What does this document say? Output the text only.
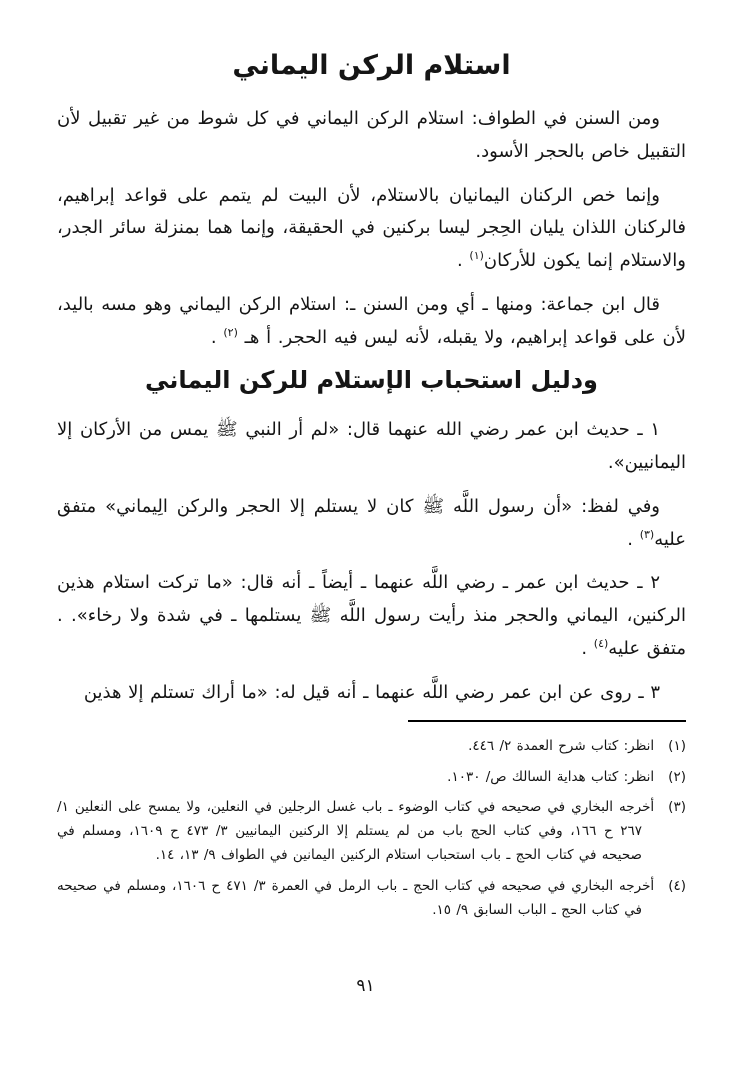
استلام الركن اليماني

ومن السنن في الطواف: استلام الركن اليماني في كل شوط من غير تقبيل لأن التقبيل خاص بالحجر الأسود.

وإنما خص الركنان اليمانيان بالاستلام، لأن البيت لم يتمم على قواعد إبراهيم، فالركنان اللذان يليان الحِجر ليسا بركنين في الحقيقة، وإنما هما بمنزلة سائر الجدر، والاستلام إنما يكون للأركان$^{(١)}$ .

قال ابن جماعة: ومنها ـ أي ومن السنن ـ: استلام الركن اليماني وهو مسه باليد، لأن على قواعد إبراهيم، ولا يقبله، لأنه ليس فيه الحجر. أ هـ $^{(٢)}$ .

ودليل استحباب الإستلام للركن اليماني

١ ـ حديث ابن عمر رضي الله عنهما قال: «لم أر النبي ﷺ يمس من الأركان إلا اليمانيين».

وفي لفظ: «أن رسول اللَّه ﷺ كان لا يستلم إلا الحجر والركن الِيماني» متفق عليه$^{(٣)}$ .

٢ ـ حديث ابن عمر ـ رضي اللَّه عنهما ـ أيضاً ـ أنه قال: «ما تركت استلام هذين الركنين، اليماني والحجر منذ رأيت رسول اللَّه ﷺ يستلمها ـ في شدة ولا رخاء». . متفق عليه$^{(٤)}$ .

٣ ـ روى عن ابن عمر رضي اللَّه عنهما ـ أنه قيل له: «ما أراك تستلم إلا هذين

(١)انظر: كتاب شرح العمدة ٢/ ٤٤٦.
(٢)انظر: كتاب هداية السالك ص/ ١٠٣٠.
(٣)أخرجه البخاري في صحيحه في كتاب الوضوء ـ باب غسل الرجلين في النعلين، ولا يمسح على النعلين ١/ ٢٦٧ ح ١٦٦، وفي كتاب الحج باب من لم يستلم إلا الركنين اليمانيين ٣/ ٤٧٣ ح ١٦٠٩، ومسلم في صحيحه في كتاب الحج ـ باب استحباب استلام الركنين اليمانين في الطواف ٩/ ١٣، ١٤.
(٤)أخرجه البخاري في صحيحه في كتاب الحج ـ باب الرمل في العمرة ٣/ ٤٧١ ح ١٦٠٦، ومسلم في صحيحه في كتاب الحج ـ الباب السابق ٩/ ١٥.
٩١
